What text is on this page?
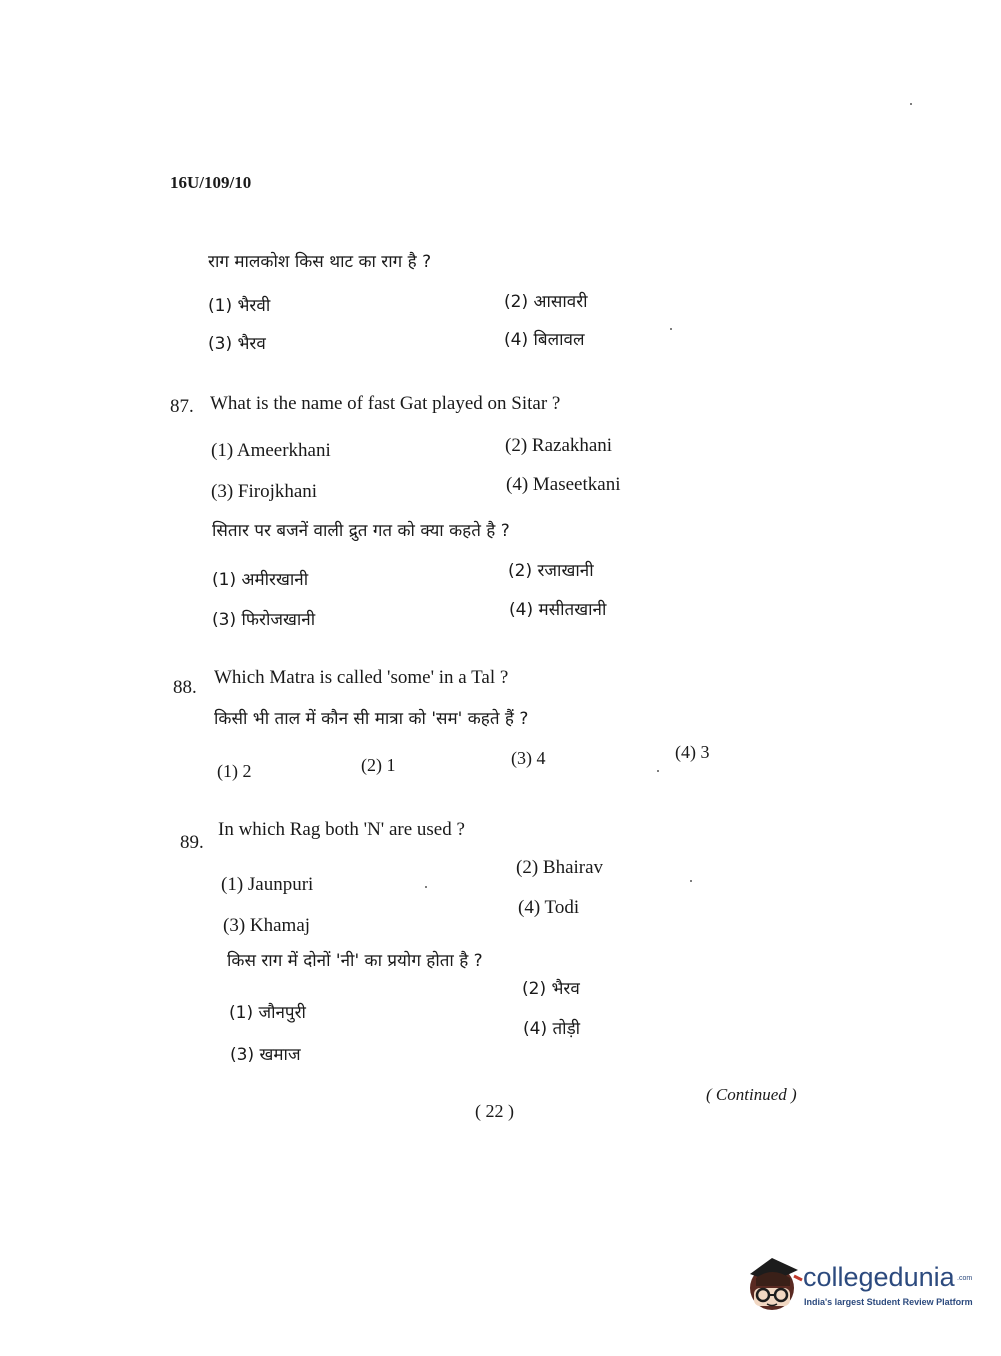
16U/109/10
राग मालकोश किस थाट का राग है ?
(1) भैरवी	(2) आसावरी
(3) भैरव	(4) बिलावल
87. What is the name of fast Gat played on Sitar ?
(1) Ameerkhani	(2) Razakhani
(3) Firojkhani	(4) Maseetkani
सितार पर बजनें वाली द्रुत गत को क्या कहते है ?
(1) अमीरखानी	(2) रजाखानी
(3) फिरोजखानी	(4) मसीतखानी
88. Which Matra is called 'some' in a Tal ?
किसी भी ताल में कौन सी मात्रा को 'सम' कहते हैं ?
(1) 2	(2) 1	(3) 4	(4) 3
89.
In which Rag both 'N' are used ?
(1) Jaunpuri
(2) Bhairav
(3) Khamaj
(4) Todi
किस राग में दोनों 'नी' का प्रयोग होता है ?
(1) जौनपुरी
(2) भैरव
(3) खमाज
(4) तोड़ी
( Continued )
( 22 )
collegedunia .com
India's largest Student Review Platform
